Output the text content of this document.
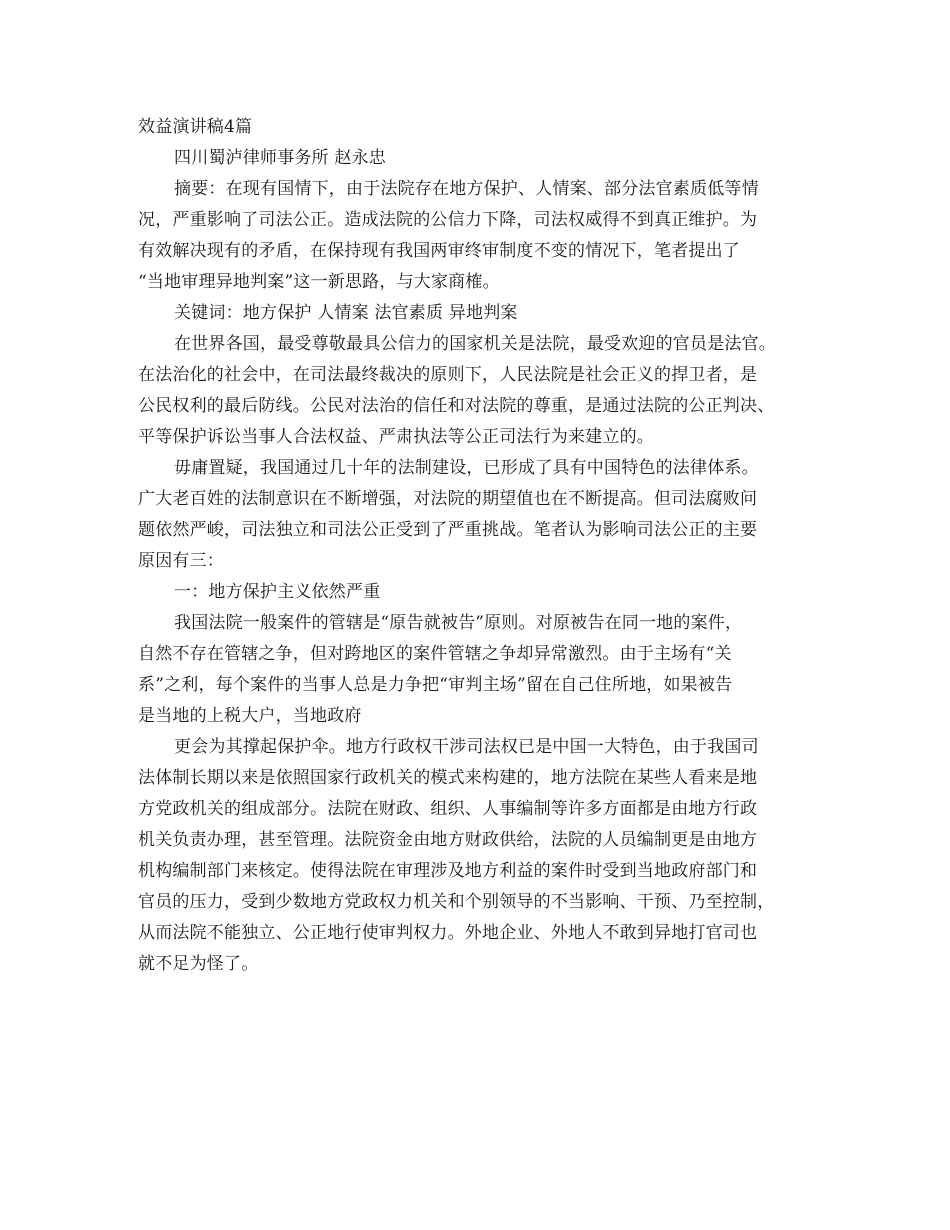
效益演讲稿4篇
四川蜀泸律师事务所 赵永忠
摘要：在现有国情下，由于法院存在地方保护、人情案、部分法官素质低等情
况，严重影响了司法公正。造成法院的公信力下降，司法权威得不到真正维护。为
有效解决现有的矛盾，在保持现有我国两审终审制度不变的情况下，笔者提出了
“当地审理异地判案”这一新思路，与大家商榷。
关键词：地方保护 人情案 法官素质 异地判案
在世界各国，最受尊敬最具公信力的国家机关是法院，最受欢迎的官员是法官。
在法治化的社会中，在司法最终裁决的原则下，人民法院是社会正义的捍卫者，是
公民权利的最后防线。公民对法治的信任和对法院的尊重，是通过法院的公正判决、
平等保护诉讼当事人合法权益、严肃执法等公正司法行为来建立的。
毋庸置疑，我国通过几十年的法制建设，已形成了具有中国特色的法律体系。
广大老百姓的法制意识在不断增强，对法院的期望值也在不断提高。但司法腐败问
题依然严峻，司法独立和司法公正受到了严重挑战。笔者认为影响司法公正的主要
原因有三：
一：地方保护主义依然严重
我国法院一般案件的管辖是“原告就被告”原则。对原被告在同一地的案件，
自然不存在管辖之争，但对跨地区的案件管辖之争却异常激烈。由于主场有“关
系”之利，每个案件的当事人总是力争把“审判主场”留在自己住所地，如果被告
是当地的上税大户，当地政府
更会为其撑起保护伞。地方行政权干涉司法权已是中国一大特色，由于我国司
法体制长期以来是依照国家行政机关的模式来构建的，地方法院在某些人看来是地
方党政机关的组成部分。法院在财政、组织、人事编制等许多方面都是由地方行政
机关负责办理，甚至管理。法院资金由地方财政供给，法院的人员编制更是由地方
机构编制部门来核定。使得法院在审理涉及地方利益的案件时受到当地政府部门和
官员的压力，受到少数地方党政权力机关和个别领导的不当影响、干预、乃至控制，
从而法院不能独立、公正地行使审判权力。外地企业、外地人不敢到异地打官司也
就不足为怪了。
